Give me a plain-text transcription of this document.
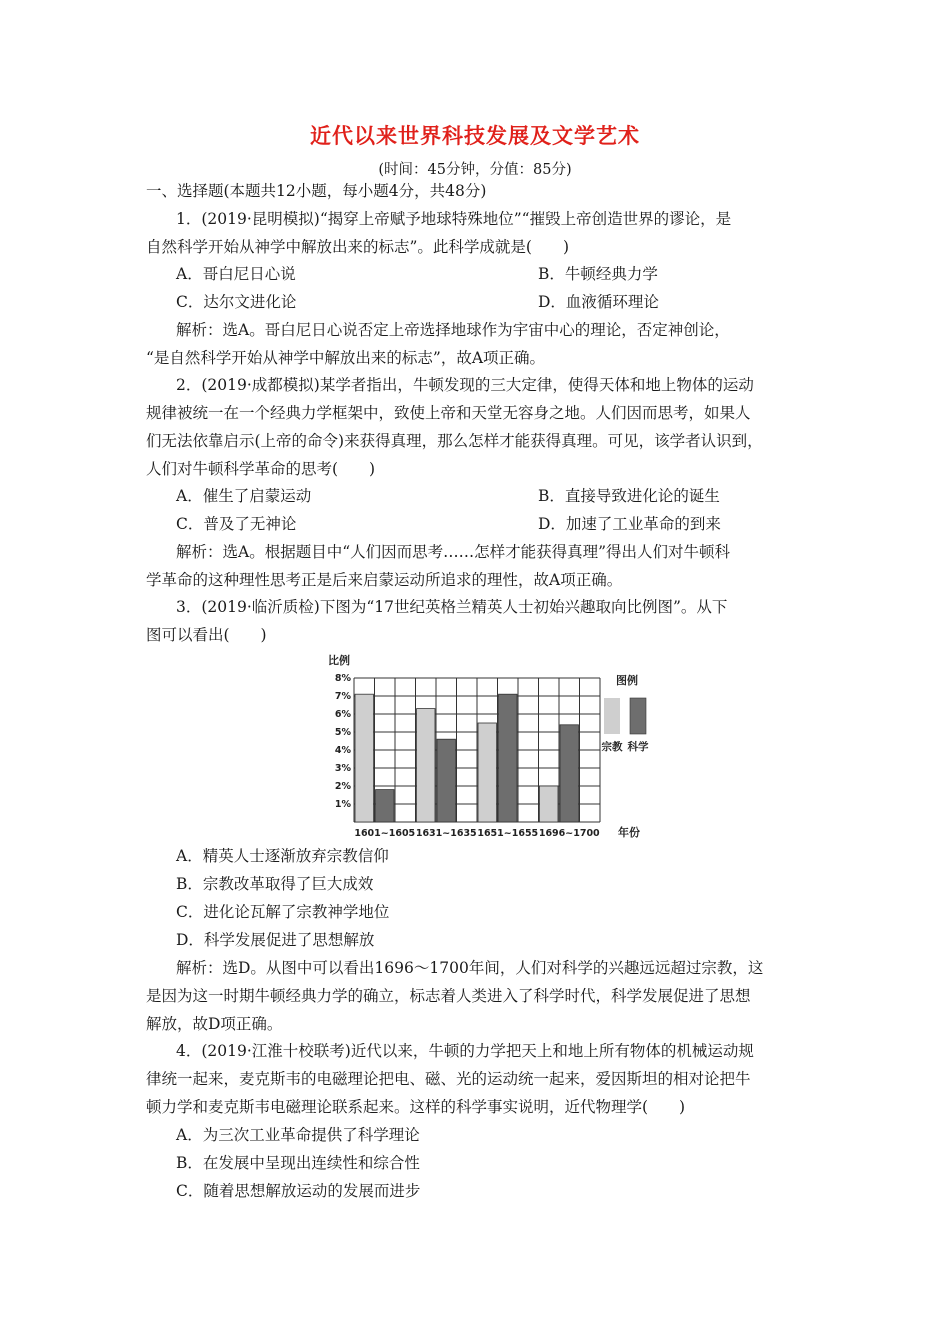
近代以来世界科技发展及文学艺术
(时间：45分钟，分值：85分)
一、选择题(本题共12小题，每小题4分，共48分)
1．(2019·昆明模拟)“揭穿上帝赋予地球特殊地位”“摧毁上帝创造世界的谬论，是
自然科学开始从神学中解放出来的标志”。此科学成就是(　　)
A．哥白尼日心说	B．牛顿经典力学
C．达尔文进化论	D．血液循环理论
解析：选A。哥白尼日心说否定上帝选择地球作为宇宙中心的理论，否定神创论，
“是自然科学开始从神学中解放出来的标志”，故A项正确。
2．(2019·成都模拟)某学者指出，牛顿发现的三大定律，使得天体和地上物体的运动
规律被统一在一个经典力学框架中，致使上帝和天堂无容身之地。人们因而思考，如果人
们无法依靠启示(上帝的命令)来获得真理，那么怎样才能获得真理。可见，该学者认识到，
人们对牛顿科学革命的思考(　　)
A．催生了启蒙运动	B．直接导致进化论的诞生
C．普及了无神论	D．加速了工业革命的到来
解析：选A。根据题目中“人们因而思考……怎样才能获得真理”得出人们对牛顿科
学革命的这种理性思考正是后来启蒙运动所追求的理性，故A项正确。
3．(2019·临沂质检)下图为“17世纪英格兰精英人士初始兴趣取向比例图”。从下
图可以看出(　　)
1%
2%
3%
4%
5%
6%
7%
8%
比例
1601~1605 1631~1635 1651~1655 1696~1700 年份
图例
宗教 科学
A．精英人士逐渐放弃宗教信仰
B．宗教改革取得了巨大成效
C．进化论瓦解了宗教神学地位
D．科学发展促进了思想解放
解析：选D。从图中可以看出1696～1700年间，人们对科学的兴趣远远超过宗教，这
是因为这一时期牛顿经典力学的确立，标志着人类进入了科学时代，科学发展促进了思想
解放，故D项正确。
4．(2019·江淮十校联考)近代以来，牛顿的力学把天上和地上所有物体的机械运动规
律统一起来，麦克斯韦的电磁理论把电、磁、光的运动统一起来，爱因斯坦的相对论把牛
顿力学和麦克斯韦电磁理论联系起来。这样的科学事实说明，近代物理学(　　)
A．为三次工业革命提供了科学理论
B．在发展中呈现出连续性和综合性
C．随着思想解放运动的发展而进步
